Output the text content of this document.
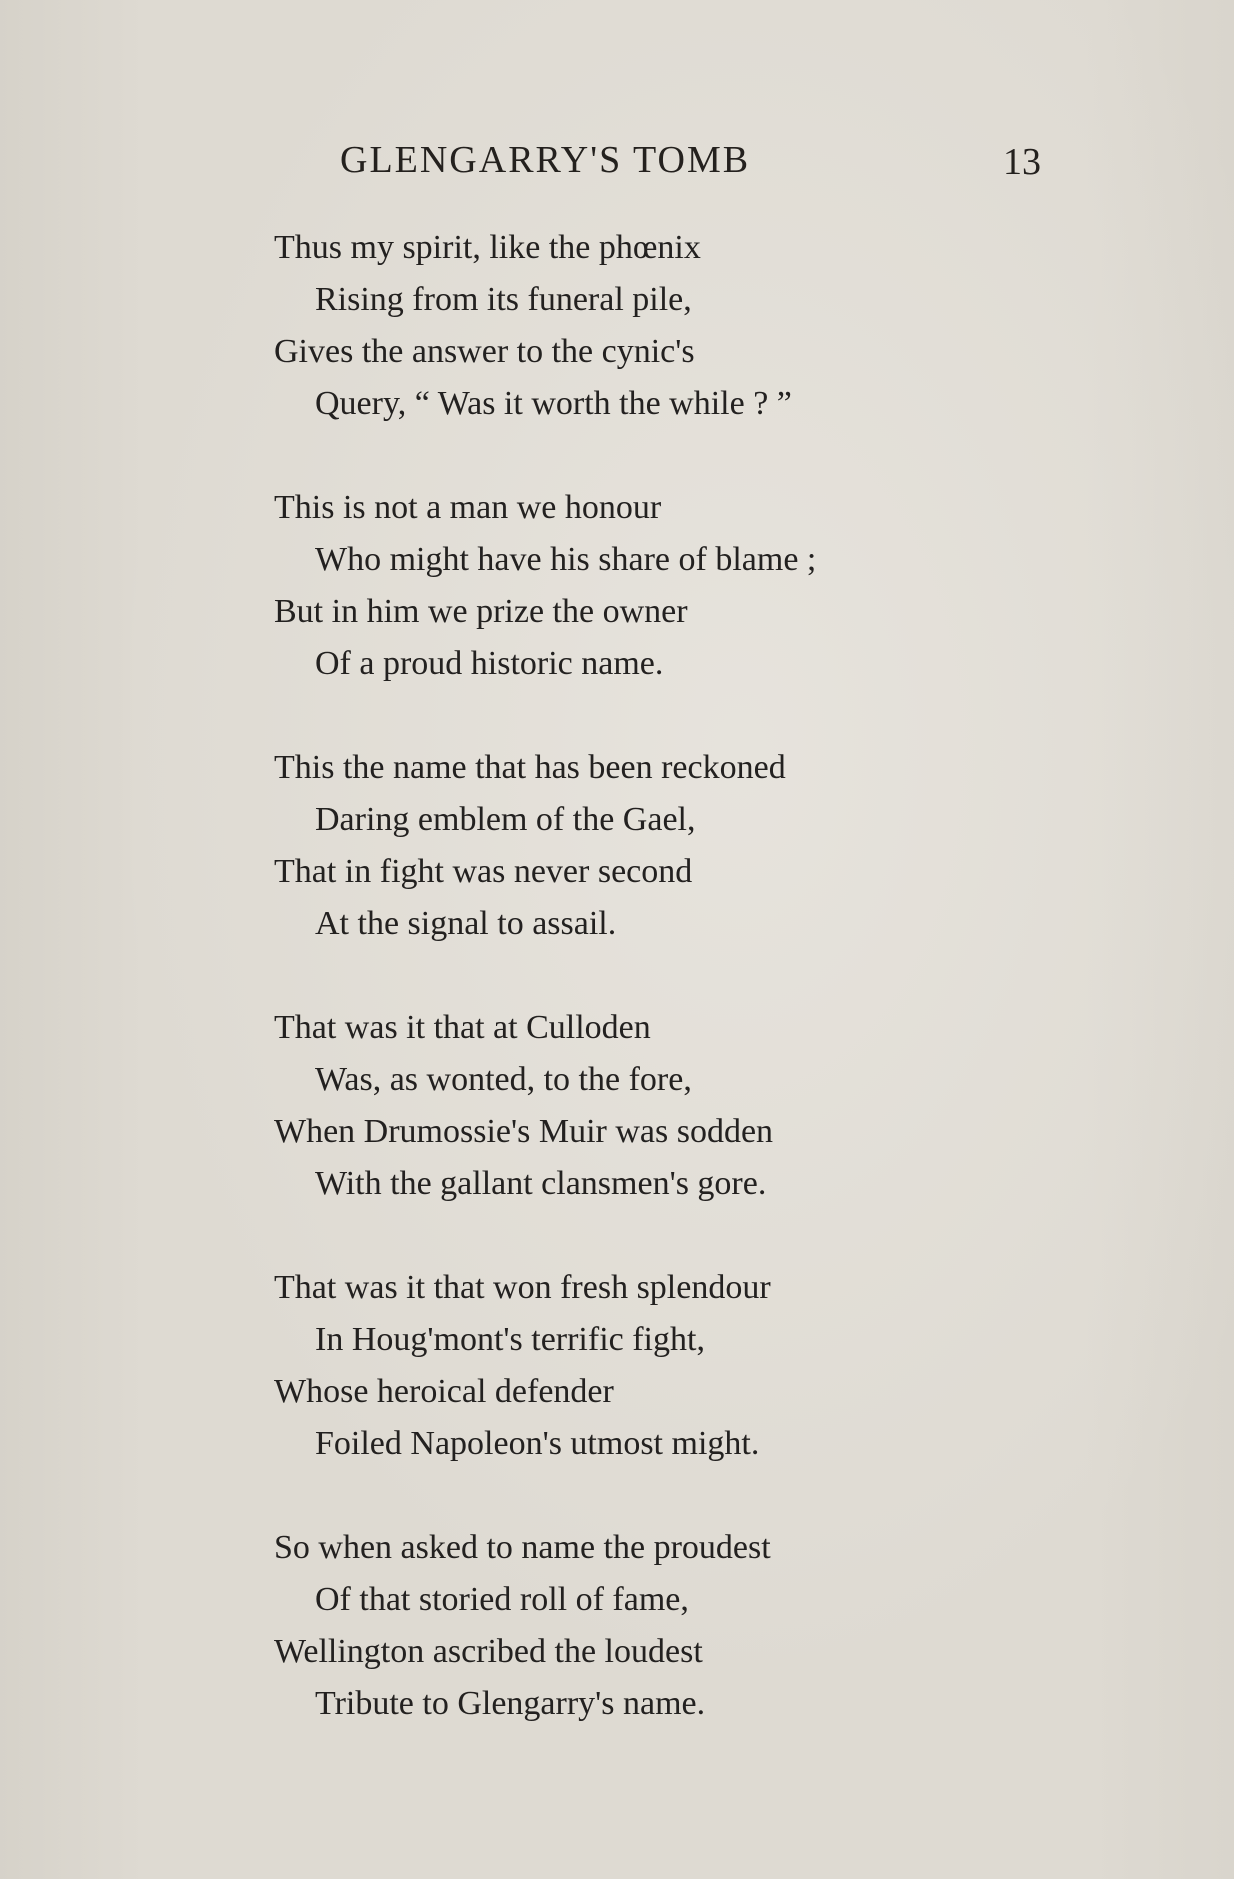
GLENGARRY'S TOMB	13
Thus my spirit, like the phœnix
Rising from its funeral pile,
Gives the answer to the cynic's
Query, “ Was it worth the while ? ”
This is not a man we honour
Who might have his share of blame ;
But in him we prize the owner
Of a proud historic name.
This the name that has been reckoned
Daring emblem of the Gael,
That in fight was never second
At the signal to assail.
That was it that at Culloden
Was, as wonted, to the fore,
When Drumossie's Muir was sodden
With the gallant clansmen's gore.
That was it that won fresh splendour
In Houg'mont's terrific fight,
Whose heroical defender
Foiled Napoleon's utmost might.
So when asked to name the proudest
Of that storied roll of fame,
Wellington ascribed the loudest
Tribute to Glengarry's name.
